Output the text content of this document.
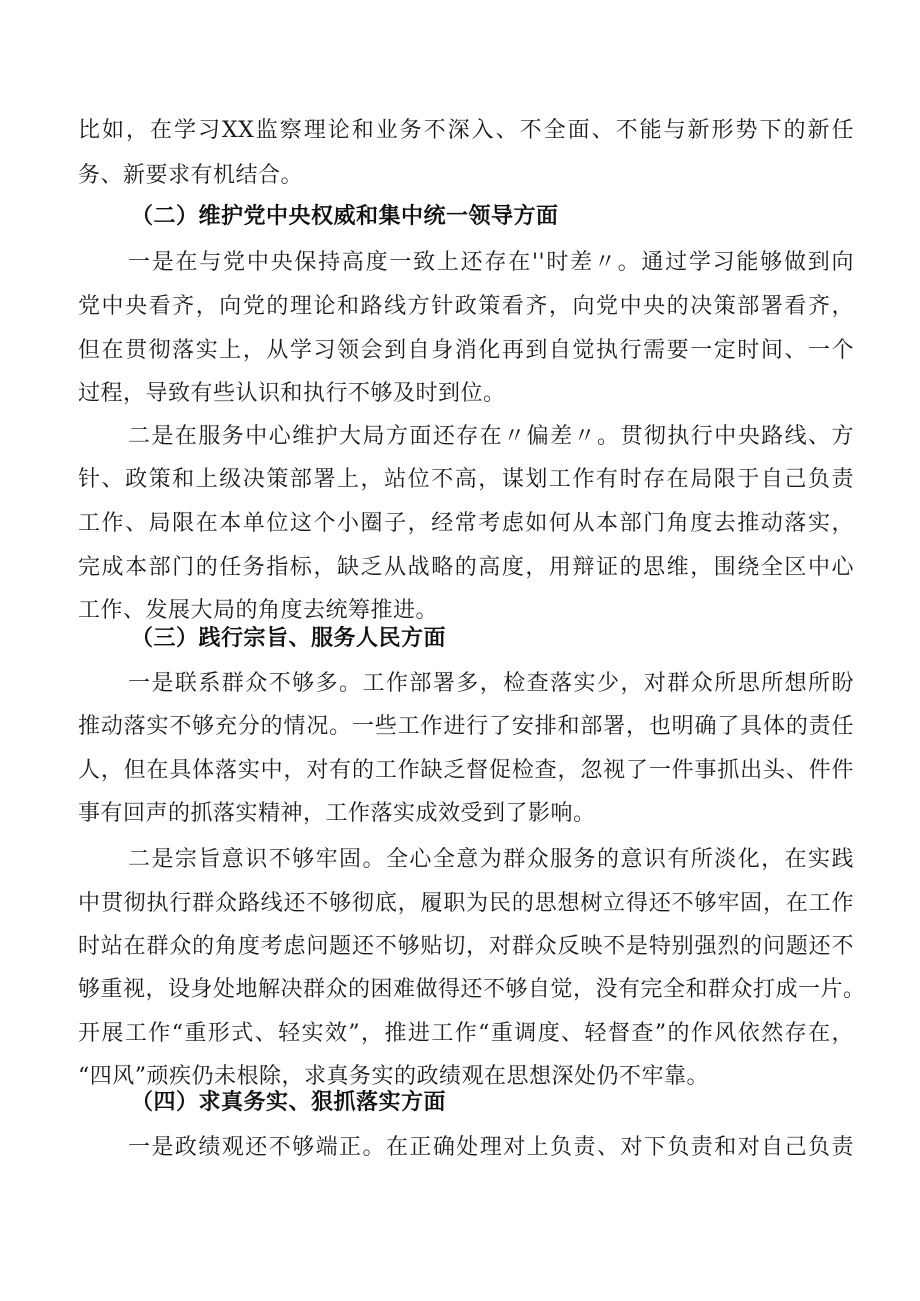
比如，在学习XX监察理论和业务不深入、不全面、不能与新形势下的新任
务、新要求有机结合。
（二）维护党中央权威和集中统一领导方面
一是在与党中央保持高度一致上还存在''时差〃。通过学习能够做到向
党中央看齐，向党的理论和路线方针政策看齐，向党中央的决策部署看齐，
但在贯彻落实上，从学习领会到自身消化再到自觉执行需要一定时间、一个
过程，导致有些认识和执行不够及时到位。
二是在服务中心维护大局方面还存在〃偏差〃。贯彻执行中央路线、方
针、政策和上级决策部署上，站位不高，谋划工作有时存在局限于自己负责
工作、局限在本单位这个小圈子，经常考虑如何从本部门角度去推动落实，
完成本部门的任务指标，缺乏从战略的高度，用辩证的思维，围绕全区中心
工作、发展大局的角度去统筹推进。
（三）践行宗旨、服务人民方面
一是联系群众不够多。工作部署多，检查落实少，对群众所思所想所盼
推动落实不够充分的情况。一些工作进行了安排和部署，也明确了具体的责任
人，但在具体落实中，对有的工作缺乏督促检查，忽视了一件事抓出头、件件
事有回声的抓落实精神，工作落实成效受到了影响。
二是宗旨意识不够牢固。全心全意为群众服务的意识有所淡化，在实践
中贯彻执行群众路线还不够彻底，履职为民的思想树立得还不够牢固，在工作
时站在群众的角度考虑问题还不够贴切，对群众反映不是特别强烈的问题还不
够重视，设身处地解决群众的困难做得还不够自觉，没有完全和群众打成一片。
开展工作“重形式、轻实效”，推进工作“重调度、轻督查”的作风依然存在，
“四风”顽疾仍未根除，求真务实的政绩观在思想深处仍不牢靠。
（四）求真务实、狠抓落实方面
一是政绩观还不够端正。在正确处理对上负责、对下负责和对自己负责
